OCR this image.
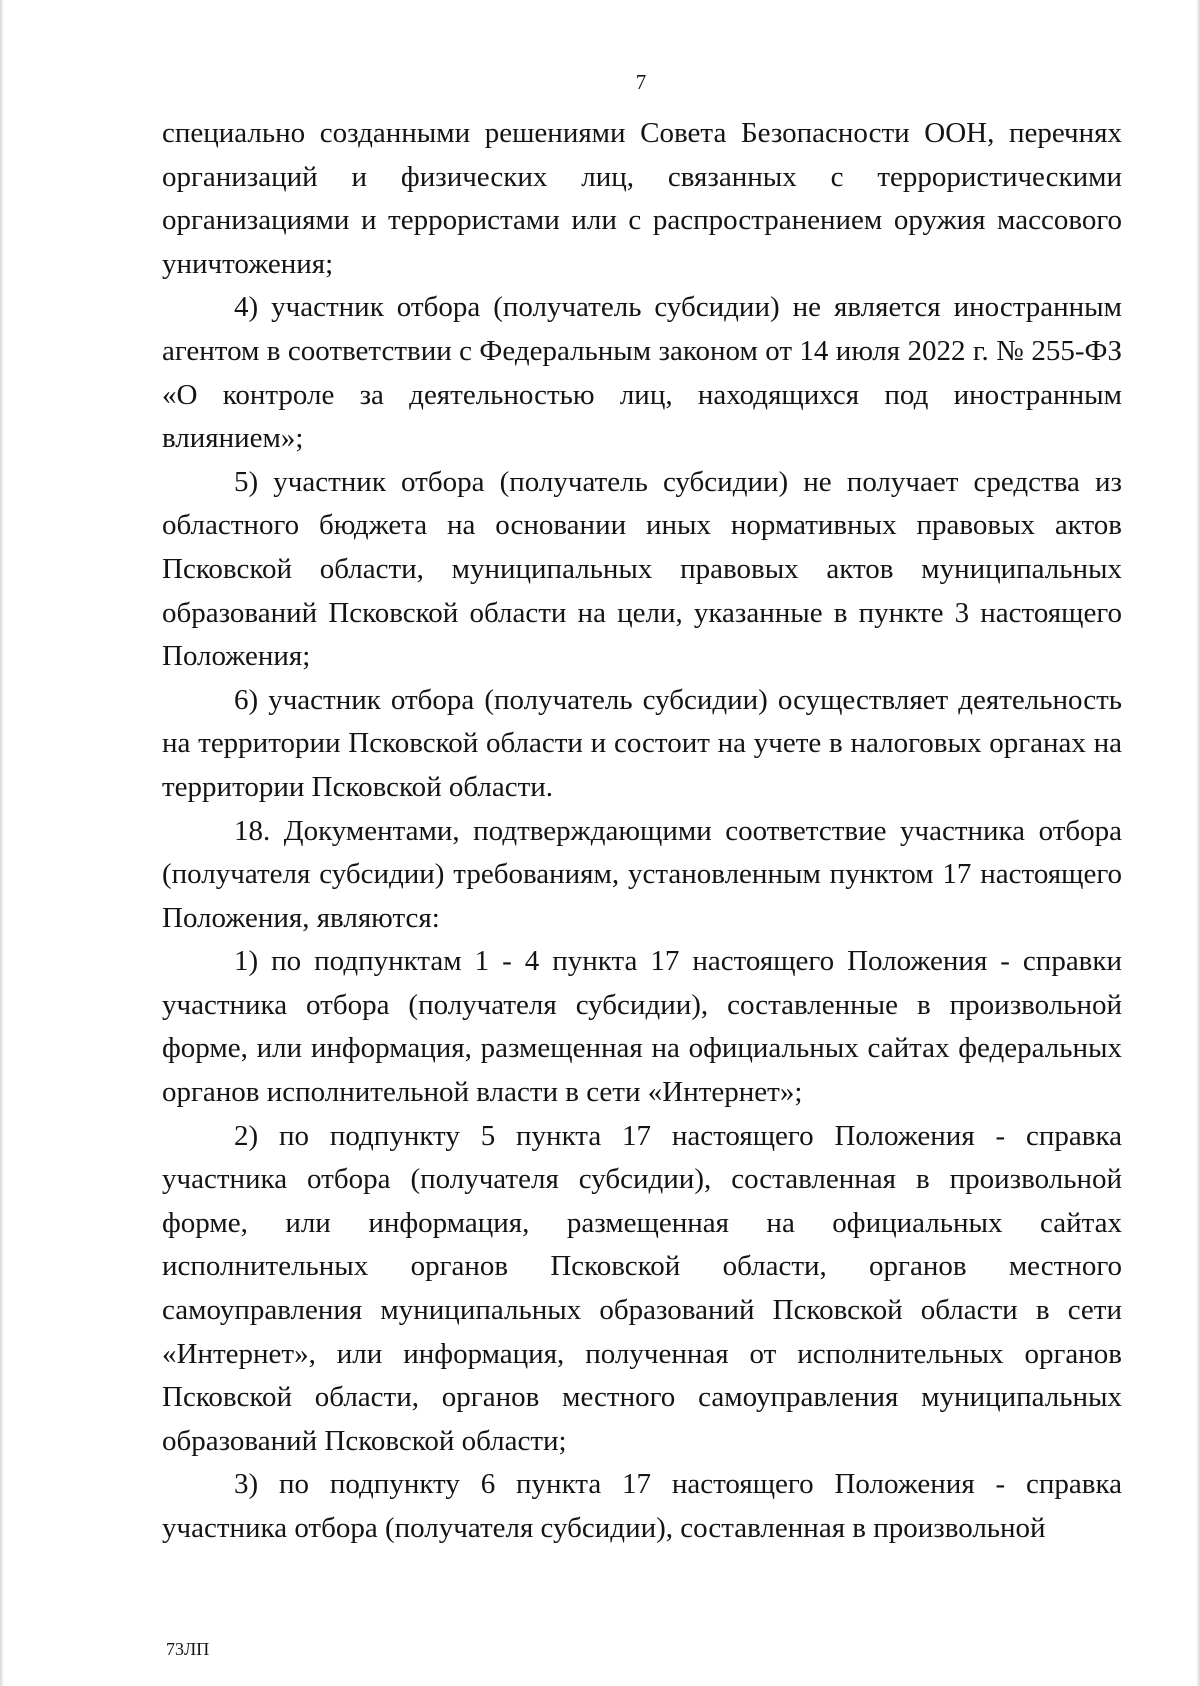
7

специально созданными решениями Совета Безопасности ООН, перечнях организаций и физических лиц, связанных с террористическими организациями и террористами или с распространением оружия массового уничтожения;

4) участник отбора (получатель субсидии) не является иностранным агентом в соответствии с Федеральным законом от 14 июля 2022 г. № 255-ФЗ «О контроле за деятельностью лиц, находящихся под иностранным влиянием»;

5) участник отбора (получатель субсидии) не получает средства из областного бюджета на основании иных нормативных правовых актов Псковской области, муниципальных правовых актов муниципальных образований Псковской области на цели, указанные в пункте 3 настоящего Положения;

6) участник отбора (получатель субсидии) осуществляет деятельность на территории Псковской области и состоит на учете в налоговых органах на территории Псковской области.

18. Документами, подтверждающими соответствие участника отбора (получателя субсидии) требованиям, установленным пунктом 17 настоящего Положения, являются:

1) по подпунктам 1 - 4 пункта 17 настоящего Положения - справки участника отбора (получателя субсидии), составленные в произвольной форме, или информация, размещенная на официальных сайтах федеральных органов исполнительной власти в сети «Интернет»;

2) по подпункту 5 пункта 17 настоящего Положения - справка участника отбора (получателя субсидии), составленная в произвольной форме, или информация, размещенная на официальных сайтах исполнительных органов Псковской области, органов местного самоуправления муниципальных образований Псковской области в сети «Интернет», или информация, полученная от исполнительных органов Псковской области, органов местного самоуправления муниципальных образований Псковской области;

3) по подпункту 6 пункта 17 настоящего Положения - справка участника отбора (получателя субсидии), составленная в произвольной

73ЛП
